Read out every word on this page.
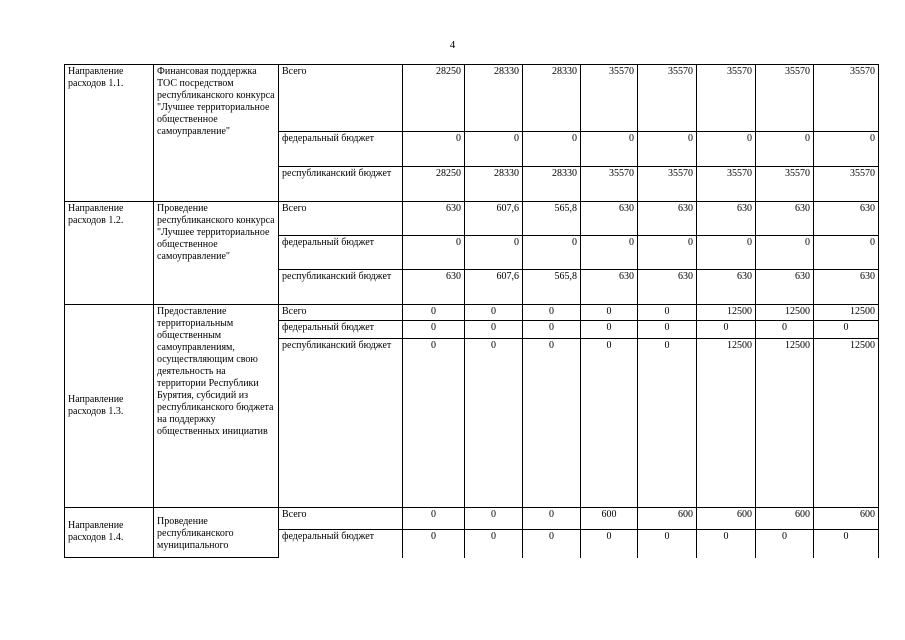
4
Направление расходов 1.1.	Финансовая поддержка ТОС посредством республиканского конкурса "Лучшее территориальное общественное самоуправление"	Всего	28250	28330	28330	35570	35570	35570	35570	35570
		федеральный бюджет	0	0	0	0	0	0	0	0
		республиканский бюджет	28250	28330	28330	35570	35570	35570	35570	35570
Направление расходов 1.2.	Проведение республиканского конкурса "Лучшее территориальное общественное самоуправление"	Всего	630	607,6	565,8	630	630	630	630	630
		федеральный бюджет	0	0	0	0	0	0	0	0
		республиканский бюджет	630	607,6	565,8	630	630	630	630	630
Направление расходов 1.3.	Предоставление территориальным общественным самоуправлениям, осуществляющим свою деятельность на территории Республики Бурятия, субсидий из республиканского бюджета на поддержку общественных инициатив	Всего	0	0	0	0	0	12500	12500	12500
		федеральный бюджет	0	0	0	0	0	0	0	0
		республиканский бюджет	0	0	0	0	0	12500	12500	12500
Направление расходов 1.4.	Проведение республиканского муниципального	Всего	0	0	0	600	600	600	600	600
		федеральный бюджет	0	0	0	0	0	0	0	0
